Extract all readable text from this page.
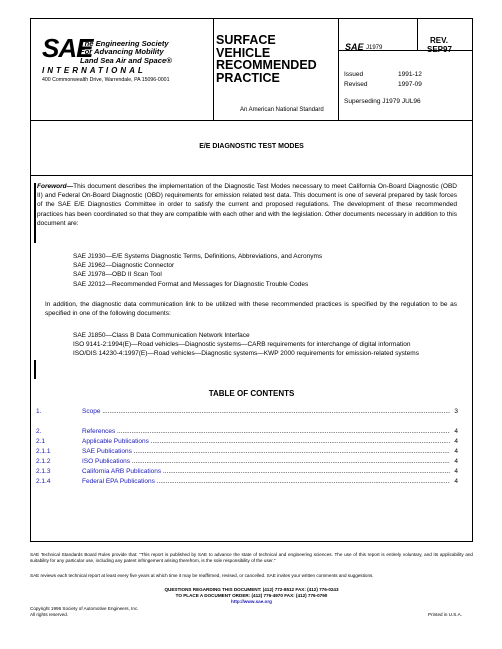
SAE
The Engineering Society
For Advancing Mobility
Land Sea Air and Space®
INTERNATIONAL
400 Commonwealth Drive, Warrendale, PA 15096-0001
SURFACE
VEHICLE
RECOMMENDED
PRACTICE
An American National Standard
SAE J1979
REV.
SEP97
Issued	1991-12
Revised	1997-09
Superseding J1979 JUL96
E/E DIAGNOSTIC TEST MODES
Foreword—This document describes the implementation of the Diagnostic Test Modes necessary to meet California On-Board Diagnostic (OBD II) and Federal On-Board Diagnostic (OBD) requirements for emission related test data. This document is one of several prepared by task forces of the SAE E/E Diagnostics Committee in order to satisfy the current and proposed regulations. The development of these recommended practices has been coordinated so that they are compatible with each other and with the legislation. Other documents necessary in addition to this document are:
SAE J1930—E/E Systems Diagnostic Terms, Definitions, Abbreviations, and Acronyms
SAE J1962—Diagnostic Connector
SAE J1978—OBD II Scan Tool
SAE J2012—Recommended Format and Messages for Diagnostic Trouble Codes
In addition, the diagnostic data communication link to be utilized with these recommended practices is specified by the regulation to be as specified in one of the following documents:
SAE J1850—Class B Data Communication Network Interface
ISO 9141-2:1994(E)—Road vehicles—Diagnostic systems—CARB requirements for interchange of digital information
ISO/DIS 14230-4:1997(E)—Road vehicles—Diagnostic systems—KWP 2000 requirements for emission-related systems
TABLE OF CONTENTS
1.	Scope .....	3
2.	References .....	4
2.1	Applicable Publications .....	4
2.1.1	SAE Publications .....	4
2.1.2	ISO Publications .....	4
2.1.3	California ARB Publications .....	4
2.1.4	Federal EPA Publications .....	4
SAE Technical Standards Board Rules provide that: "This report is published by SAE to advance the state of technical and engineering sciences. The use of this report is entirely voluntary, and its applicability and suitability for any particular use, including any patent infringement arising therefrom, is the sole responsibility of the user."
SAE reviews each technical report at least every five years at which time it may be reaffirmed, revised, or cancelled. SAE invites your written comments and suggestions.
QUESTIONS REGARDING THIS DOCUMENT: (412) 772-8512 FAX: (412) 776-0243
TO PLACE A DOCUMENT ORDER: (412) 776-4970 FAX: (412) 776-0790
http://www.sae.org
Copyright 1996 Society of Automotive Engineers, Inc.
All rights reserved.	Printed in U.S.A.
